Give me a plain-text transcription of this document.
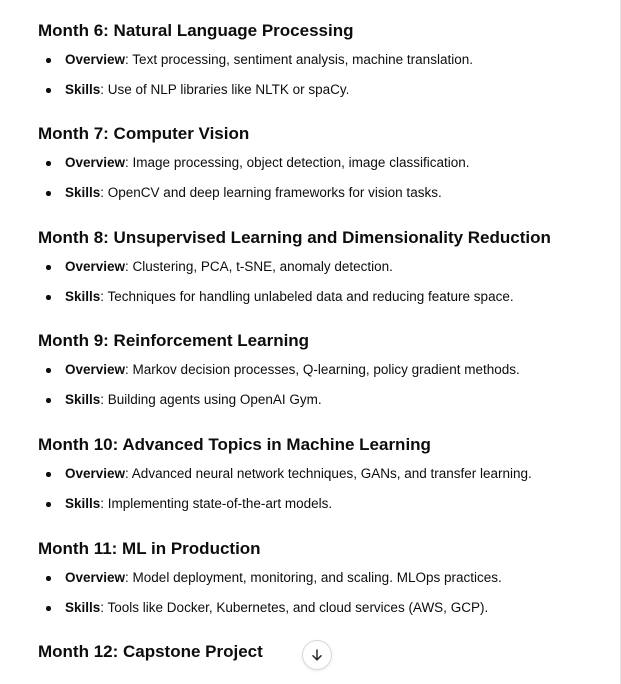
Month 6: Natural Language Processing
Overview: Text processing, sentiment analysis, machine translation.
Skills: Use of NLP libraries like NLTK or spaCy.
Month 7: Computer Vision
Overview: Image processing, object detection, image classification.
Skills: OpenCV and deep learning frameworks for vision tasks.
Month 8: Unsupervised Learning and Dimensionality Reduction
Overview: Clustering, PCA, t-SNE, anomaly detection.
Skills: Techniques for handling unlabeled data and reducing feature space.
Month 9: Reinforcement Learning
Overview: Markov decision processes, Q-learning, policy gradient methods.
Skills: Building agents using OpenAI Gym.
Month 10: Advanced Topics in Machine Learning
Overview: Advanced neural network techniques, GANs, and transfer learning.
Skills: Implementing state-of-the-art models.
Month 11: ML in Production
Overview: Model deployment, monitoring, and scaling. MLOps practices.
Skills: Tools like Docker, Kubernetes, and cloud services (AWS, GCP).
Month 12: Capstone Project
